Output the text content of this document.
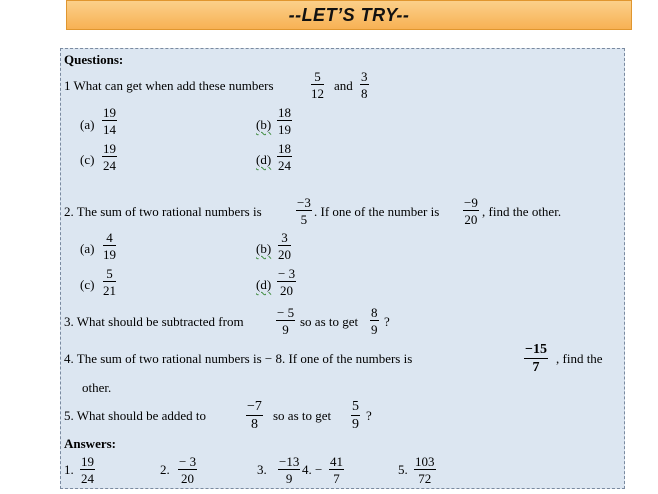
--LET’S TRY--
Questions:
1 What can get when add these numbers	$\frac{5}{12}$ and $\frac{3}{8}$
$(a) \frac{19}{14}$	$(b) \frac{18}{19}$
$(c) \frac{19}{24}$	$(d) \frac{18}{24}$
2. The sum of two rational numbers is	$\frac{-3}{5}$ . If one of the number is $\frac{-9}{20}$ , find the other.
$(a) \frac{4}{19}$	$(b) \frac{3}{20}$
$(c) \frac{5}{21}$	$(d) \frac{- 3}{20}$
3. What should be subtracted from $\frac{- 5}{9}$ so as to get $\frac{8}{9}$ ?
4. The sum of two rational numbers is − 8. If one of the numbers is	$\frac{-15}{7}$ , find the
other.
5. What should be added to	$\frac{-7}{8}$ so as to get $\frac{5}{9}$ ?
Answers:
1. $\frac{19}{24}$	2. $\frac{- 3}{20}$	3. $\frac{-13}{9} 4$. − $\frac{41}{7}$	5. $\frac{103}{72}$
